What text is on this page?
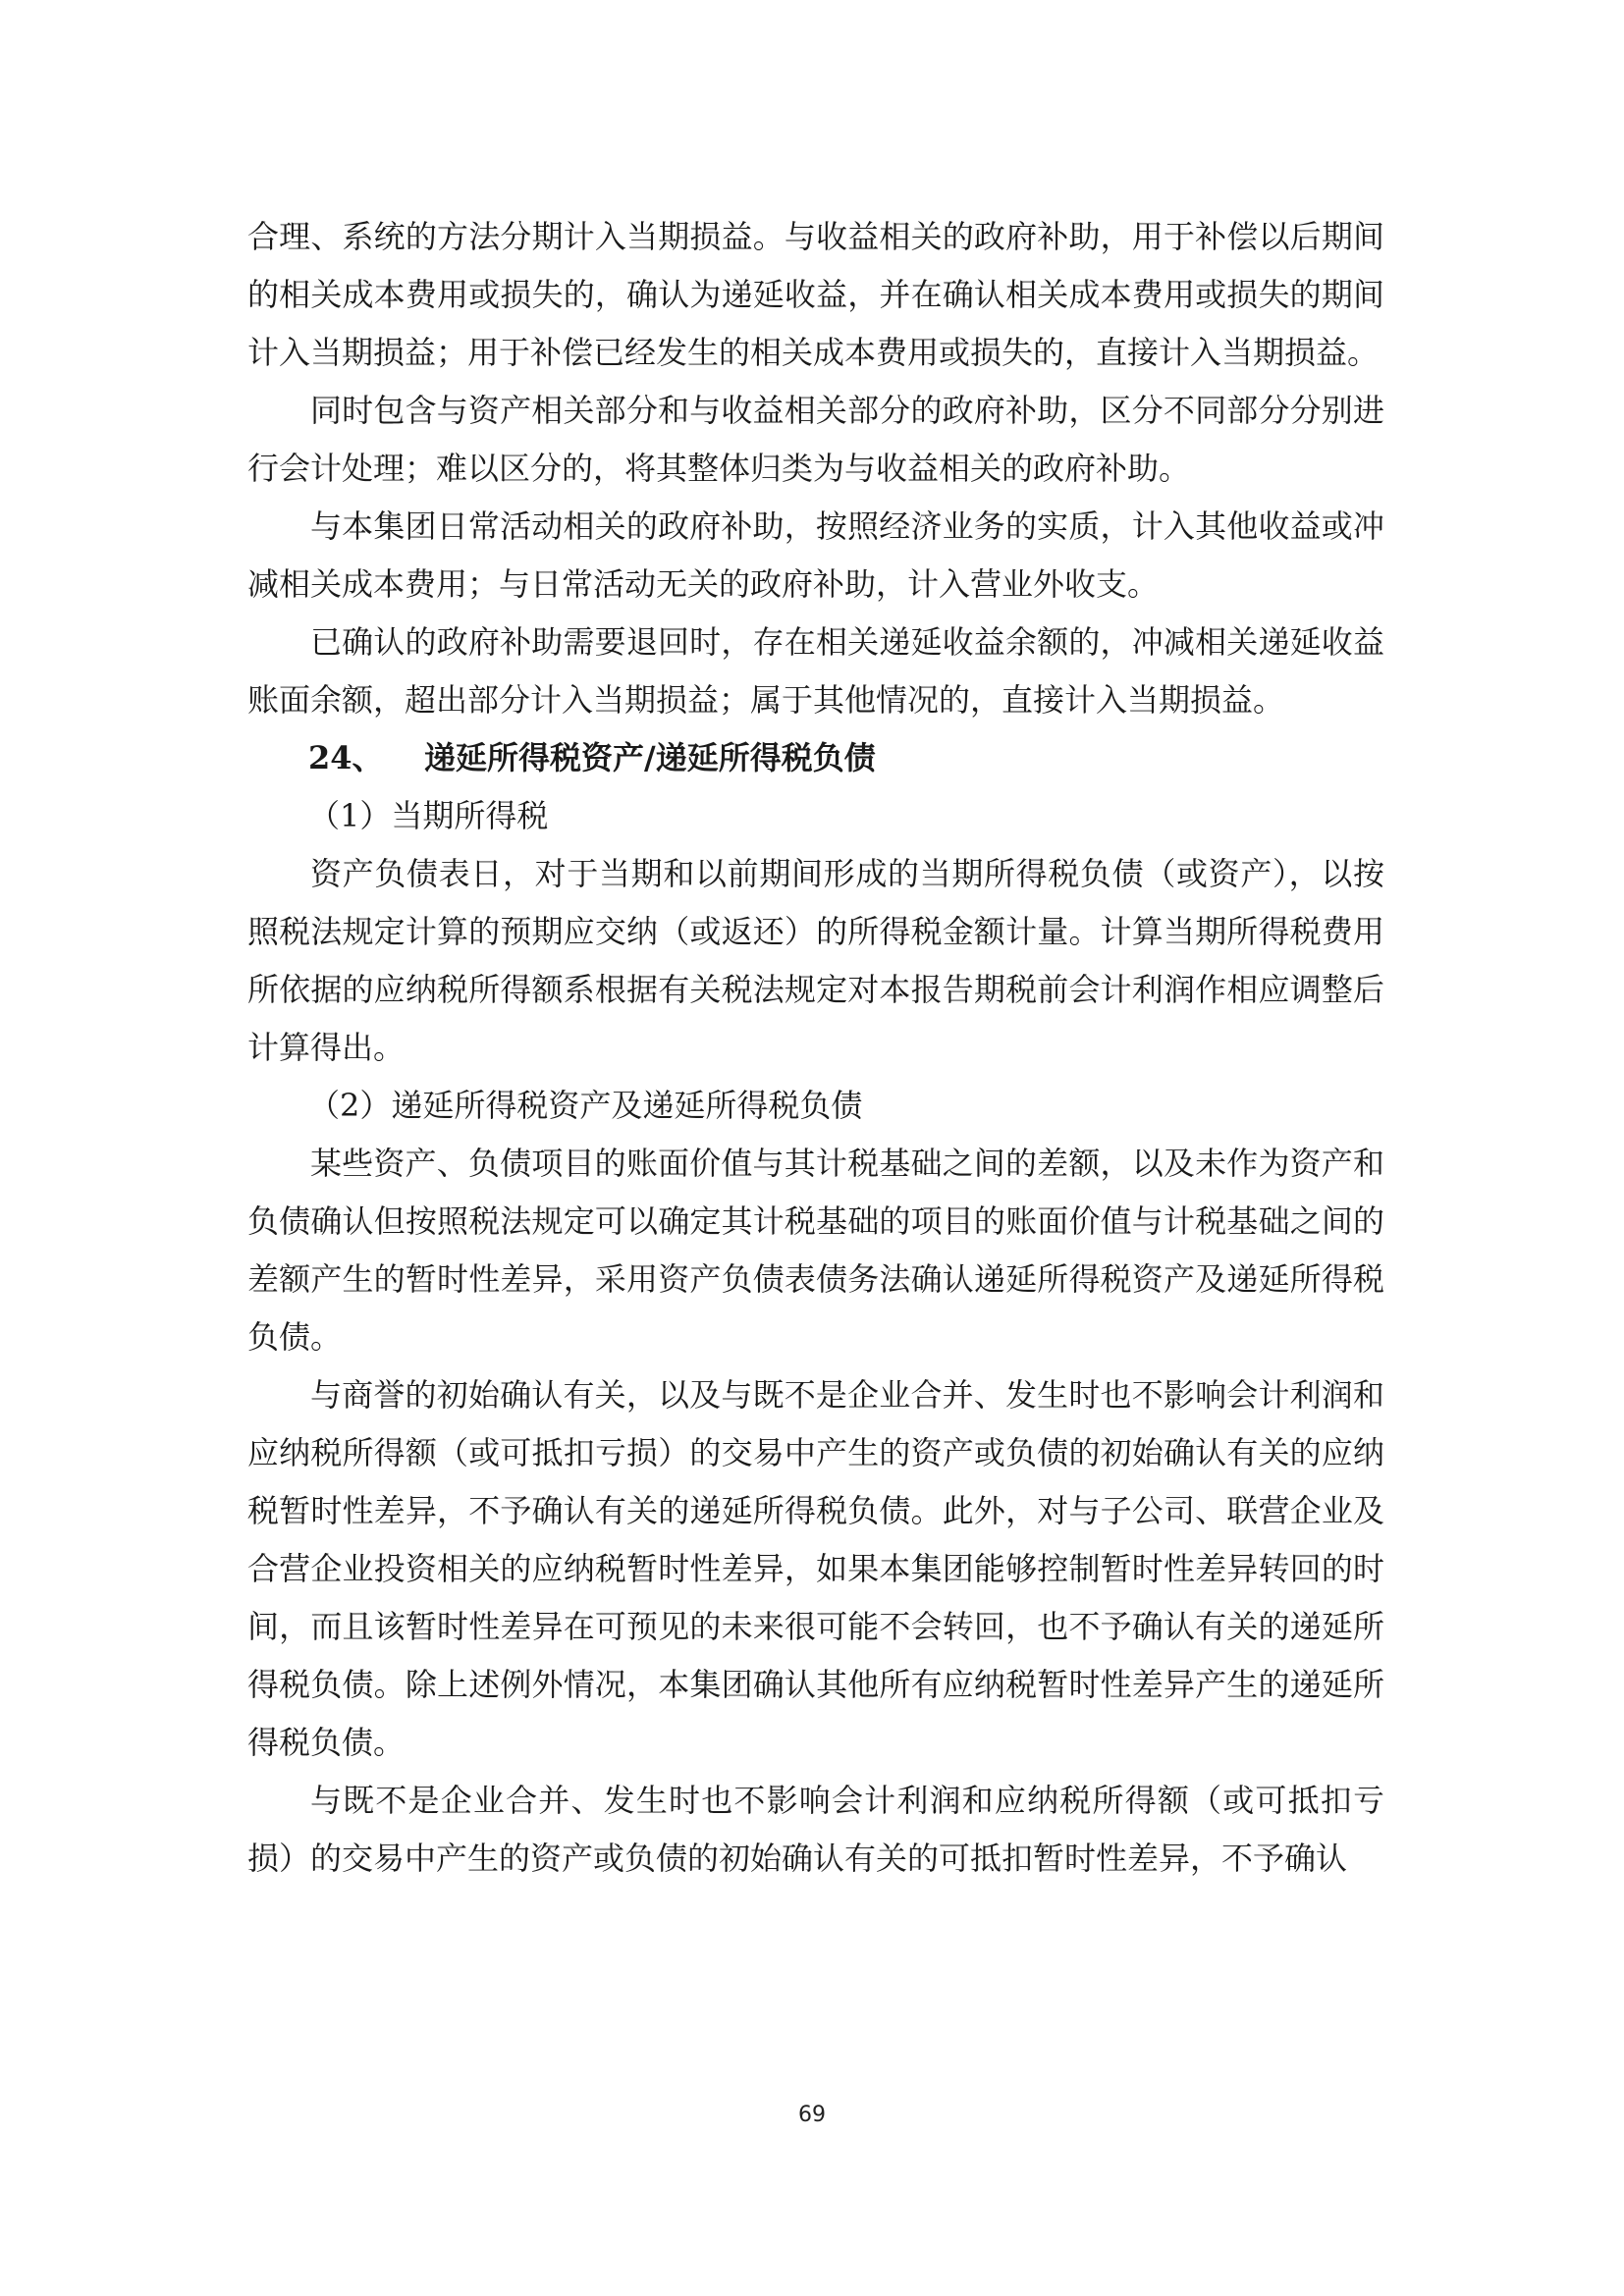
合理、系统的方法分期计入当期损益。与收益相关的政府补助，用于补偿以后期间的相关成本费用或损失的，确认为递延收益，并在确认相关成本费用或损失的期间计入当期损益；用于补偿已经发生的相关成本费用或损失的，直接计入当期损益。

同时包含与资产相关部分和与收益相关部分的政府补助，区分不同部分分别进行会计处理；难以区分的，将其整体归类为与收益相关的政府补助。

与本集团日常活动相关的政府补助，按照经济业务的实质，计入其他收益或冲减相关成本费用；与日常活动无关的政府补助，计入营业外收支。

已确认的政府补助需要退回时，存在相关递延收益余额的，冲减相关递延收益账面余额，超出部分计入当期损益；属于其他情况的，直接计入当期损益。

24、 递延所得税资产/递延所得税负债

（1）当期所得税

资产负债表日，对于当期和以前期间形成的当期所得税负债（或资产），以按照税法规定计算的预期应交纳（或返还）的所得税金额计量。计算当期所得税费用所依据的应纳税所得额系根据有关税法规定对本报告期税前会计利润作相应调整后计算得出。

（2）递延所得税资产及递延所得税负债

某些资产、负债项目的账面价值与其计税基础之间的差额，以及未作为资产和负债确认但按照税法规定可以确定其计税基础的项目的账面价值与计税基础之间的差额产生的暂时性差异，采用资产负债表债务法确认递延所得税资产及递延所得税负债。

与商誉的初始确认有关，以及与既不是企业合并、发生时也不影响会计利润和应纳税所得额（或可抵扣亏损）的交易中产生的资产或负债的初始确认有关的应纳税暂时性差异，不予确认有关的递延所得税负债。此外，对与子公司、联营企业及合营企业投资相关的应纳税暂时性差异，如果本集团能够控制暂时性差异转回的时间，而且该暂时性差异在可预见的未来很可能不会转回，也不予确认有关的递延所得税负债。除上述例外情况，本集团确认其他所有应纳税暂时性差异产生的递延所得税负债。

与既不是企业合并、发生时也不影响会计利润和应纳税所得额（或可抵扣亏损）的交易中产生的资产或负债的初始确认有关的可抵扣暂时性差异，不予确认

69
